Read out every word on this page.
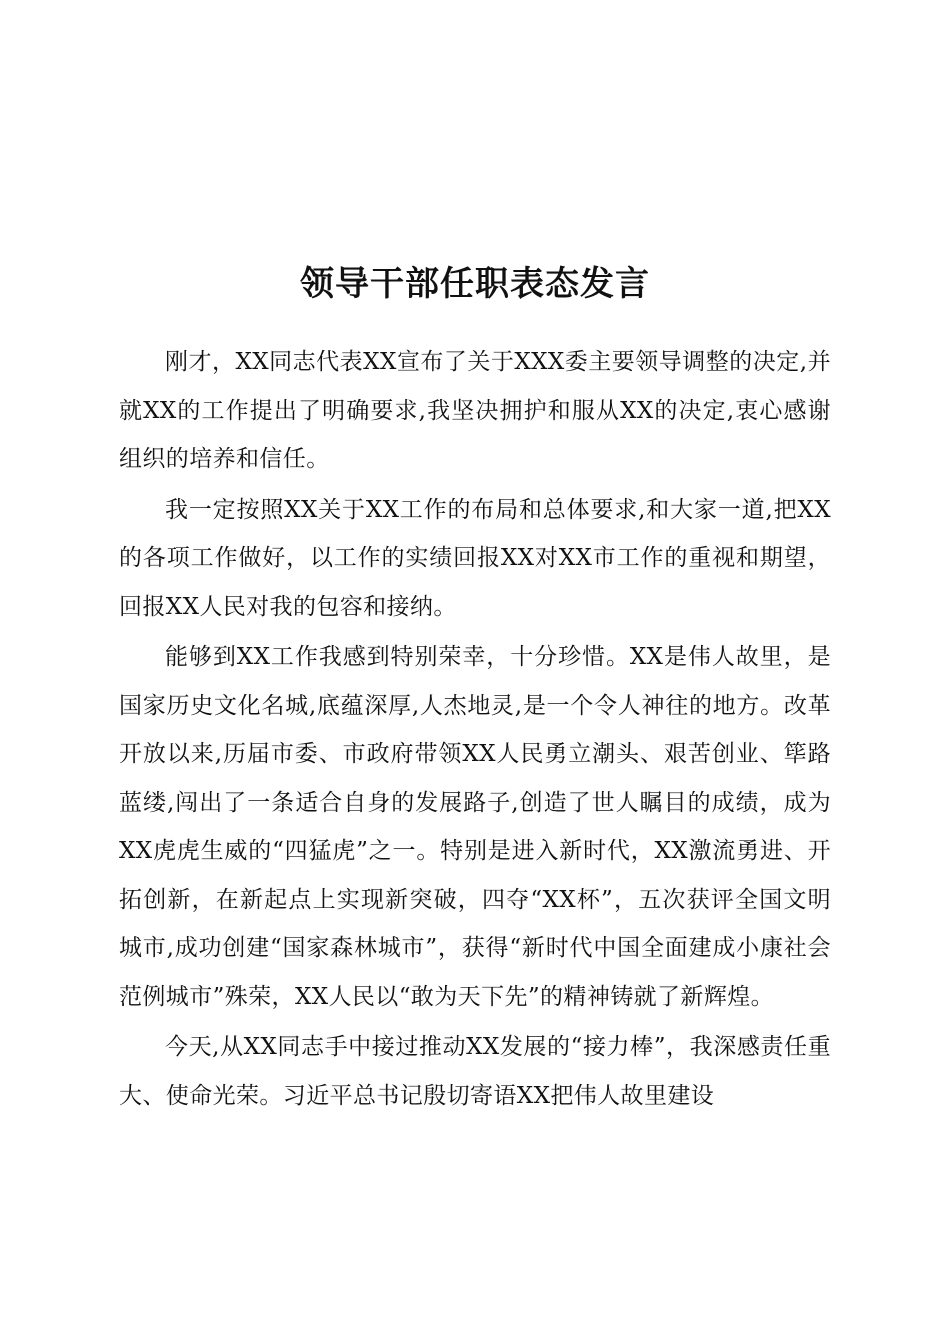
领导干部任职表态发言

刚才，XX同志代表XX宣布了关于XXX委主要领导调整的决定,并就XX的工作提出了明确要求,我坚决拥护和服从XX的决定,衷心感谢组织的培养和信任。

我一定按照XX关于XX工作的布局和总体要求,和大家一道,把XX的各项工作做好，以工作的实绩回报XX对XX市工作的重视和期望，回报XX人民对我的包容和接纳。

能够到XX工作我感到特别荣幸，十分珍惜。XX是伟人故里，是国家历史文化名城,底蕴深厚,人杰地灵,是一个令人神往的地方。改革开放以来,历届市委、市政府带领XX人民勇立潮头、艰苦创业、筚路蓝缕,闯出了一条适合自身的发展路子,创造了世人瞩目的成绩，成为XX虎虎生威的“四猛虎”之一。特别是进入新时代，XX激流勇进、开拓创新，在新起点上实现新突破，四夺“XX杯”，五次获评全国文明城市,成功创建“国家森林城市”，获得“新时代中国全面建成小康社会范例城市”殊荣，XX人民以“敢为天下先”的精神铸就了新辉煌。

今天,从XX同志手中接过推动XX发展的“接力棒”，我深感责任重大、使命光荣。习近平总书记殷切寄语XX把伟人故里建设
